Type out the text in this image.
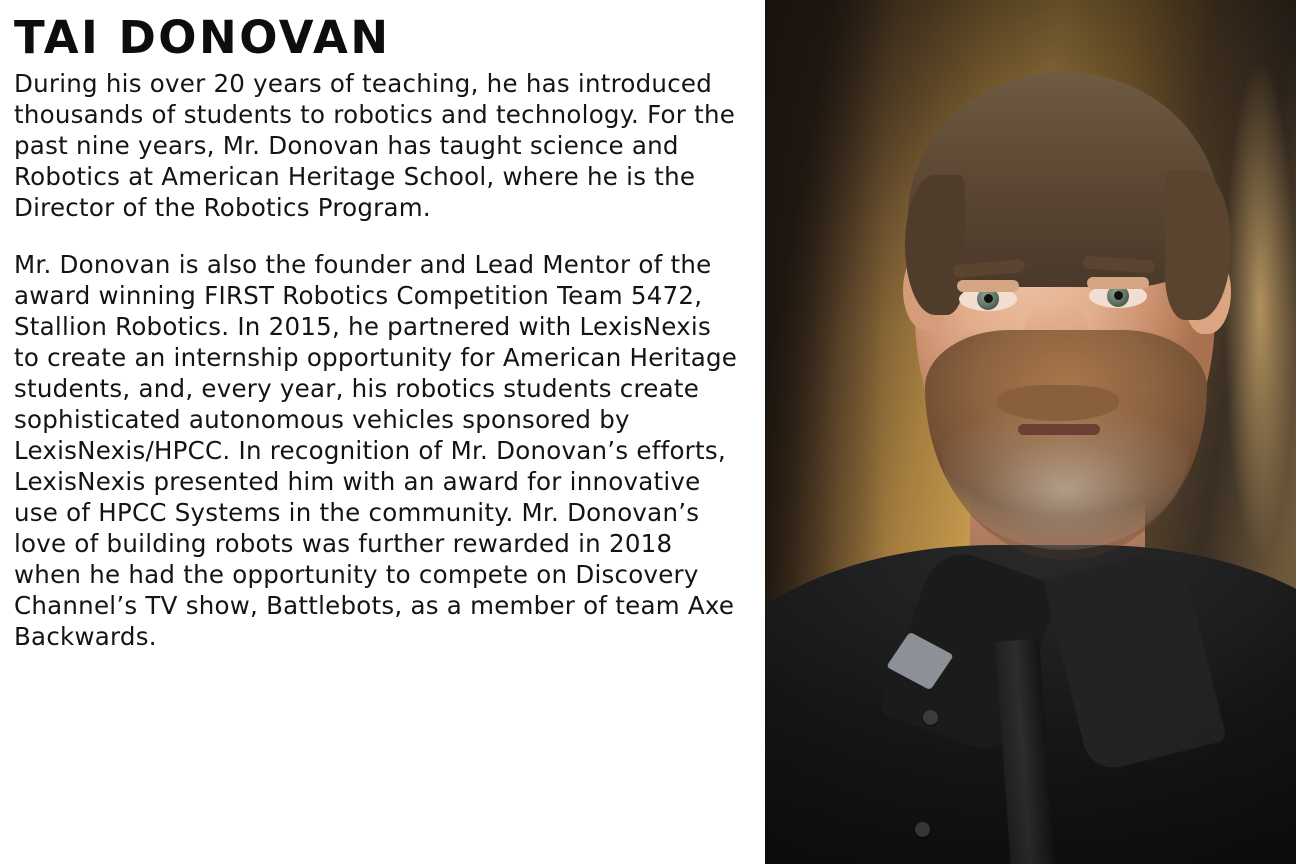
TAI DONOVAN

During his over 20 years of teaching, he has introduced thousands of students to robotics and technology. For the past nine years, Mr. Donovan has taught science and Robotics at American Heritage School, where he is the Director of the Robotics Program.

Mr. Donovan is also the founder and Lead Mentor of the award winning FIRST Robotics Competition Team 5472, Stallion Robotics. In 2015, he partnered with LexisNexis to create an internship opportunity for American Heritage students, and, every year, his robotics students create sophisticated autonomous vehicles sponsored by LexisNexis/HPCC. In recognition of Mr. Donovan’s efforts, LexisNexis presented him with an award for innovative use of HPCC Systems in the community. Mr. Donovan’s love of building robots was further rewarded in 2018 when he had the opportunity to compete on Discovery Channel’s TV show, Battlebots, as a member of team Axe Backwards.
